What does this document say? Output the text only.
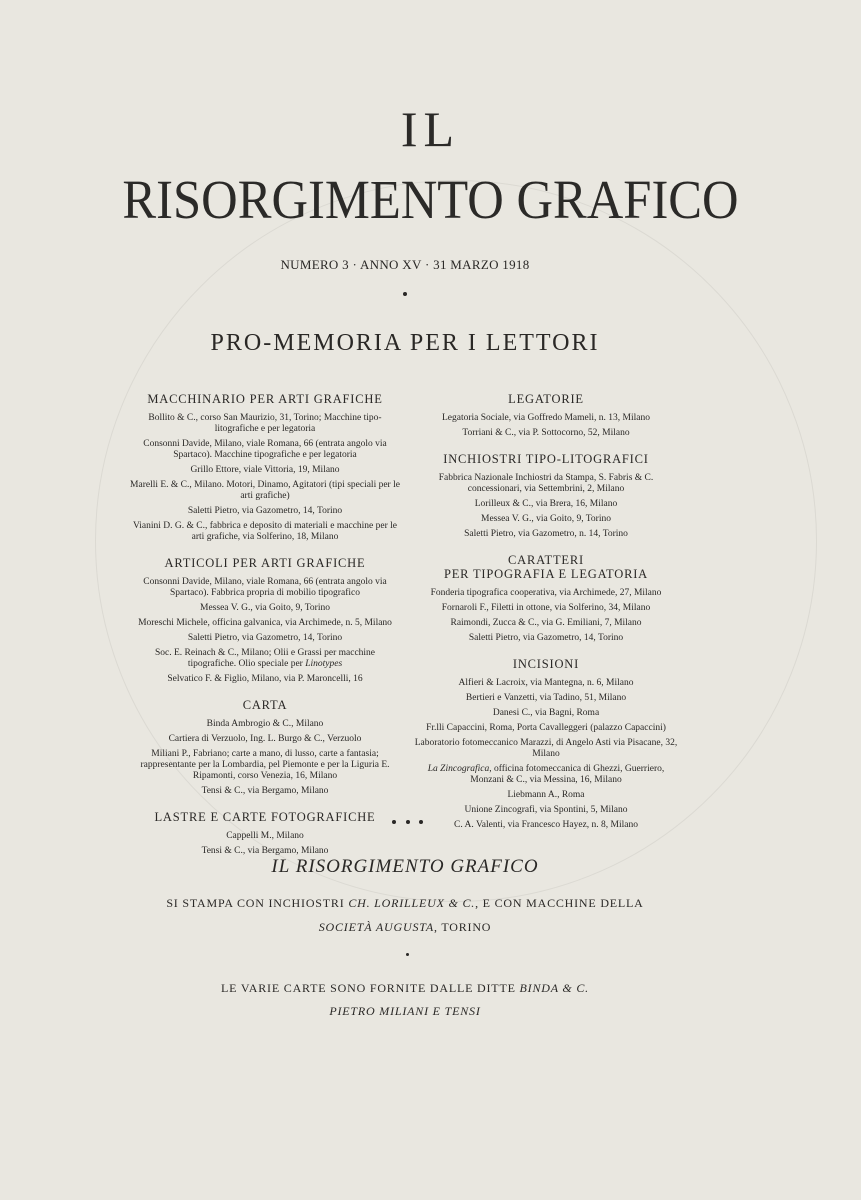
IL
RISORGIMENTO GRAFICO
NUMERO 3 · ANNO XV · 31 MARZO 1918
PRO-MEMORIA PER I LETTORI
MACCHINARIO PER ARTI GRAFICHE
Bollito & C., corso San Maurizio, 31, Torino; Macchine tipo-litografiche e per legatoria
Consonni Davide, Milano, viale Romana, 66 (entrata angolo via Spartaco). Macchine tipografiche e per legatoria
Grillo Ettore, viale Vittoria, 19, Milano
Marelli E. & C., Milano. Motori, Dinamo, Agitatori (tipi speciali per le arti grafiche)
Saletti Pietro, via Gazometro, 14, Torino
Vianini D. G. & C., fabbrica e deposito di materiali e macchine per le arti grafiche, via Solferino, 18, Milano
ARTICOLI PER ARTI GRAFICHE
Consonni Davide, Milano, viale Romana, 66 (entrata angolo via Spartaco). Fabbrica propria di mobilio tipografico
Messea V. G., via Goito, 9, Torino
Moreschi Michele, officina galvanica, via Archimede, n. 5, Milano
Saletti Pietro, via Gazometro, 14, Torino
Soc. E. Reinach & C., Milano; Olii e Grassi per macchine tipografiche. Olio speciale per Linotypes
Selvatico F. & Figlio, Milano, via P. Maroncelli, 16
CARTA
Binda Ambrogio & C., Milano
Cartiera di Verzuolo, Ing. L. Burgo & C., Verzuolo
Miliani P., Fabriano; carte a mano, di lusso, carte a fantasia; rappresentante per la Lombardia, pel Piemonte e per la Liguria E. Ripamonti, corso Venezia, 16, Milano
Tensi & C., via Bergamo, Milano
LASTRE E CARTE FOTOGRAFICHE
Cappelli M., Milano
Tensi & C., via Bergamo, Milano
LEGATORIE
Legatoria Sociale, via Goffredo Mameli, n. 13, Milano
Torriani & C., via P. Sottocorno, 52, Milano
INCHIOSTRI TIPO-LITOGRAFICI
Fabbrica Nazionale Inchiostri da Stampa, S. Fabris & C. concessionari, via Settembrini, 2, Milano
Lorilleux & C., via Brera, 16, Milano
Messea V. G., via Goito, 9, Torino
Saletti Pietro, via Gazometro, n. 14, Torino
CARATTERI
PER TIPOGRAFIA E LEGATORIA
Fonderia tipografica cooperativa, via Archimede, 27, Milano
Fornaroli F., Filetti in ottone, via Solferino, 34, Milano
Raimondi, Zucca & C., via G. Emiliani, 7, Milano
Saletti Pietro, via Gazometro, 14, Torino
INCISIONI
Alfieri & Lacroix, via Mantegna, n. 6, Milano
Bertieri e Vanzetti, via Tadino, 51, Milano
Danesi C., via Bagni, Roma
Fr.lli Capaccini, Roma, Porta Cavalleggeri (palazzo Capaccini)
Laboratorio fotomeccanico Marazzi, di Angelo Asti via Pisacane, 32, Milano
La Zincografica, officina fotomeccanica di Ghezzi, Guerriero, Monzani & C., via Messina, 16, Milano
Liebmann A., Roma
Unione Zincografi, via Spontini, 5, Milano
C. A. Valenti, via Francesco Hayez, n. 8, Milano
IL RISORGIMENTO GRAFICO
SI STAMPA CON INCHIOSTRI CH. LORILLEUX & C., E CON MACCHINE DELLA
SOCIETÀ AUGUSTA, TORINO
LE VARIE CARTE SONO FORNITE DALLE DITTE BINDA & C.
PIETRO MILIANI E TENSI
